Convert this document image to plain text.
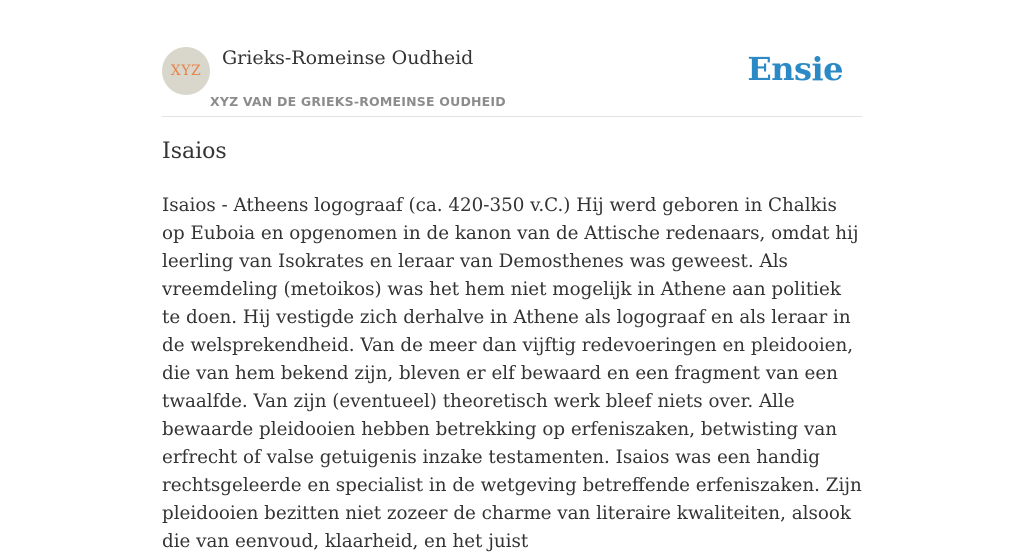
XYZ
Grieks-Romeinse Oudheid
XYZ VAN DE GRIEKS-ROMEINSE OUDHEID
Ensie
Isaios

Isaios - Atheens logograaf (ca. 420-350 v.C.) Hij werd geboren in Chalkis op Euboia en opgenomen in de kanon van de Attische redenaars, omdat hij leerling van Isokrates en leraar van Demosthenes was geweest. Als vreemdeling (metoikos) was het hem niet mogelijk in Athene aan politiek te doen. Hij vestigde zich derhalve in Athene als logograaf en als leraar in de welsprekendheid. Van de meer dan vijftig redevoeringen en pleidooien, die van hem bekend zijn, bleven er elf bewaard en een fragment van een twaalfde. Van zijn (eventueel) theoretisch werk bleef niets over. Alle bewaarde pleidooien hebben betrekking op erfeniszaken, betwisting van erfrecht of valse getuigenis inzake testamenten. Isaios was een handig rechtsgeleerde en specialist in de wetgeving betreffende erfeniszaken. Zijn pleidooien bezitten niet zozeer de charme van literaire kwaliteiten, alsook die van eenvoud, klaarheid, en het juist
